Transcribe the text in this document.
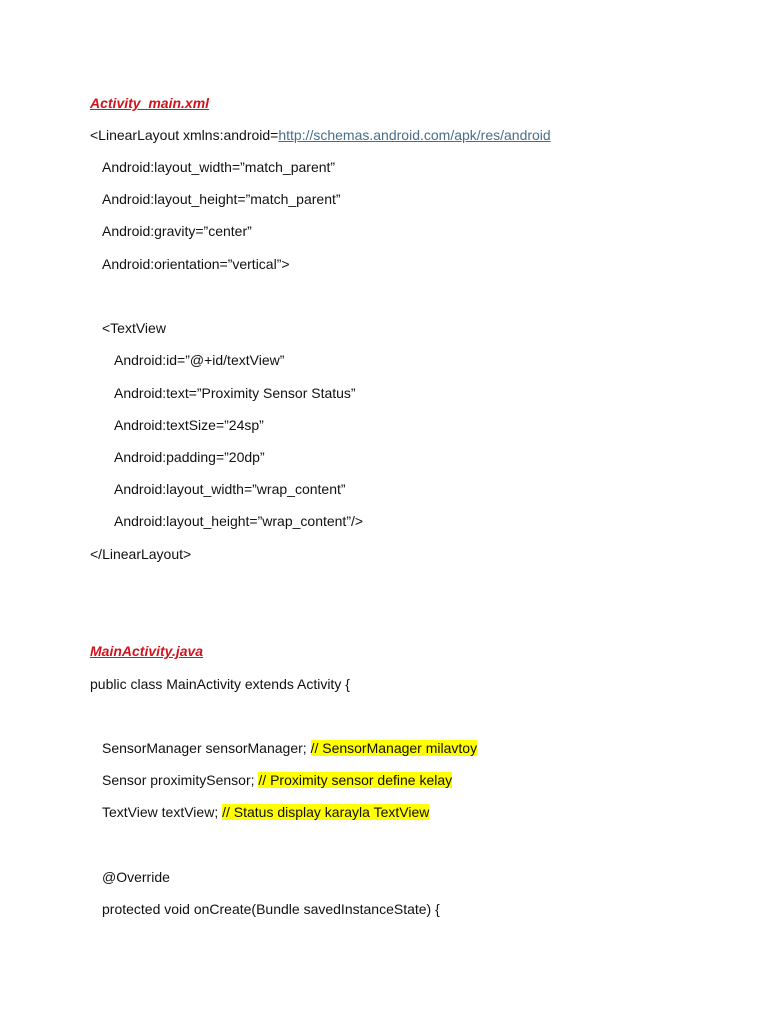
Activity_main.xml
<LinearLayout xmlns:android=http://schemas.android.com/apk/res/android
Android:layout_width=”match_parent”
Android:layout_height=”match_parent”
Android:gravity=”center”
Android:orientation=”vertical”>
<TextView
Android:id=”@+id/textView”
Android:text=”Proximity Sensor Status”
Android:textSize=”24sp”
Android:padding=”20dp”
Android:layout_width=”wrap_content”
Android:layout_height=”wrap_content”/>
</LinearLayout>
MainActivity.java
public class MainActivity extends Activity {
SensorManager sensorManager; // SensorManager milavtoy
Sensor proximitySensor; // Proximity sensor define kelay
TextView textView; // Status display karayla TextView
@Override
protected void onCreate(Bundle savedInstanceState) {
